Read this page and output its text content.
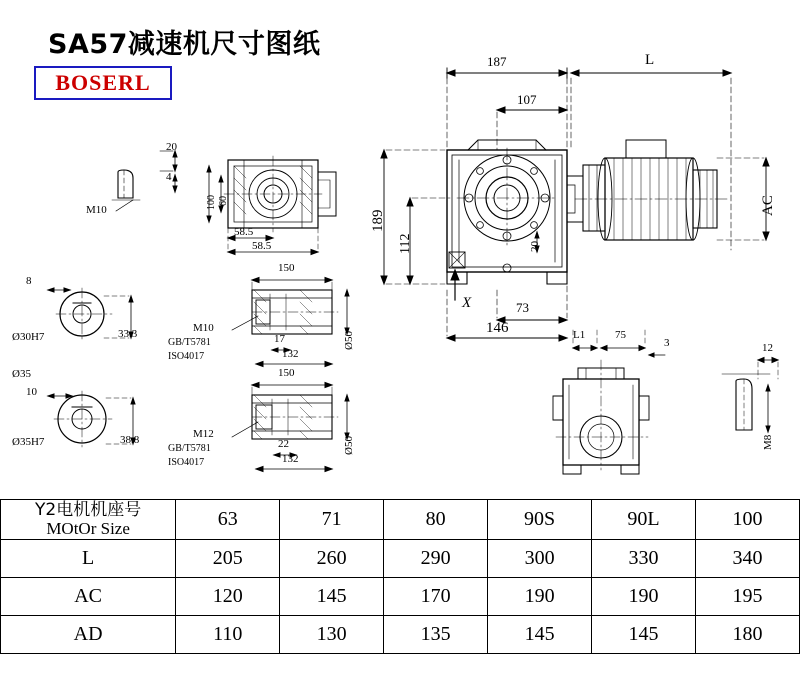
SA57减速机尺寸图纸
BOSERL
187	L
107
189
112
AC
20
73
146
X
20
4
M10	100 60
58.5
58.5
8
Ø30H7	33.3
Ø35
10
Ø35H7	38.8
150
M10
GB/T5781
ISO4017
17
132
Ø50
150
M12
GB/T5781
ISO4017
22
132
Ø50
L1	75
3	12
M8
Y2电机机座号
MOtOr Size	63	71	80	90S	90L	100
L	205	260	290	300	330	340
AC	120	145	170	190	190	195
AD	110	130	135	145	145	180
